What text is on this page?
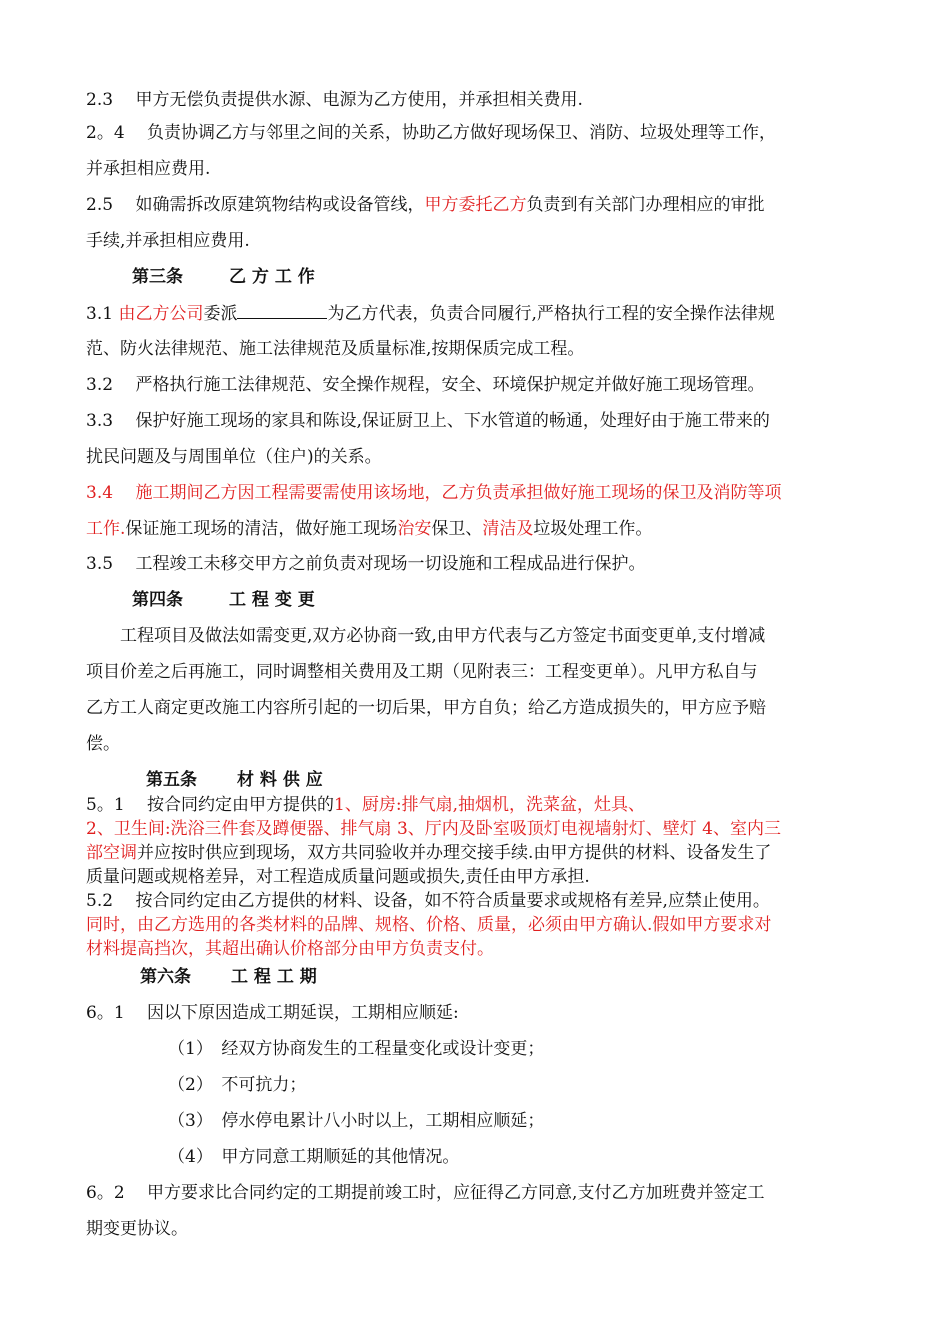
2.3　 甲方无偿负责提供水源、电源为乙方使用，并承担相关费用.
2。4　 负责协调乙方与邻里之间的关系，协助乙方做好现场保卫、消防、垃圾处理等工作，
并承担相应费用.
2.5　 如确需拆改原建筑物结构或设备管线，甲方委托乙方负责到有关部门办理相应的审批
手续,并承担相应费用.
第三条	乙 方 工 作
3.1 由乙方公司委派	为乙方代表，负责合同履行,严格执行工程的安全操作法律规
范、防火法律规范、施工法律规范及质量标准,按期保质完成工程。
3.2　 严格执行施工法律规范、安全操作规程，安全、环境保护规定并做好施工现场管理。
3.3　 保护好施工现场的家具和陈设,保证厨卫上、下水管道的畅通，处理好由于施工带来的
扰民问题及与周围单位（住户)的关系。
3.4　 施工期间乙方因工程需要需使用该场地，乙方负责承担做好施工现场的保卫及消防等项
工作.保证施工现场的清洁，做好施工现场治安保卫、清洁及垃圾处理工作。
3.5　 工程竣工未移交甲方之前负责对现场一切设施和工程成品进行保护。
第四条	工 程 变 更
工程项目及做法如需变更,双方必协商一致,由甲方代表与乙方签定书面变更单,支付增减
项目价差之后再施工，同时调整相关费用及工期（见附表三：工程变更单）。凡甲方私自与
乙方工人商定更改施工内容所引起的一切后果，甲方自负；给乙方造成损失的，甲方应予赔
偿。
第五条 材 料 供 应
5。1　 按合同约定由甲方提供的1、厨房:排气扇,抽烟机，洗菜盆，灶具、
2、卫生间:洗浴三件套及蹲便器、排气扇 3、厅内及卧室吸顶灯电视墙射灯、壁灯 4、室内三
部空调并应按时供应到现场，双方共同验收并办理交接手续.由甲方提供的材料、设备发生了
质量问题或规格差异，对工程造成质量问题或损失,责任由甲方承担.
5.2　 按合同约定由乙方提供的材料、设备，如不符合质量要求或规格有差异,应禁止使用。
同时，由乙方选用的各类材料的品牌、规格、价格、质量，必须由甲方确认.假如甲方要求对
材料提高挡次，其超出确认价格部分由甲方负责支付。
第六条 工 程 工 期
6。1　 因以下原因造成工期延误，工期相应顺延:
（1）　经双方协商发生的工程量变化或设计变更；
（2）　不可抗力；
（3）　停水停电累计八小时以上，工期相应顺延；
（4）　甲方同意工期顺延的其他情况。
6。2　 甲方要求比合同约定的工期提前竣工时，应征得乙方同意,支付乙方加班费并签定工
期变更协议。
